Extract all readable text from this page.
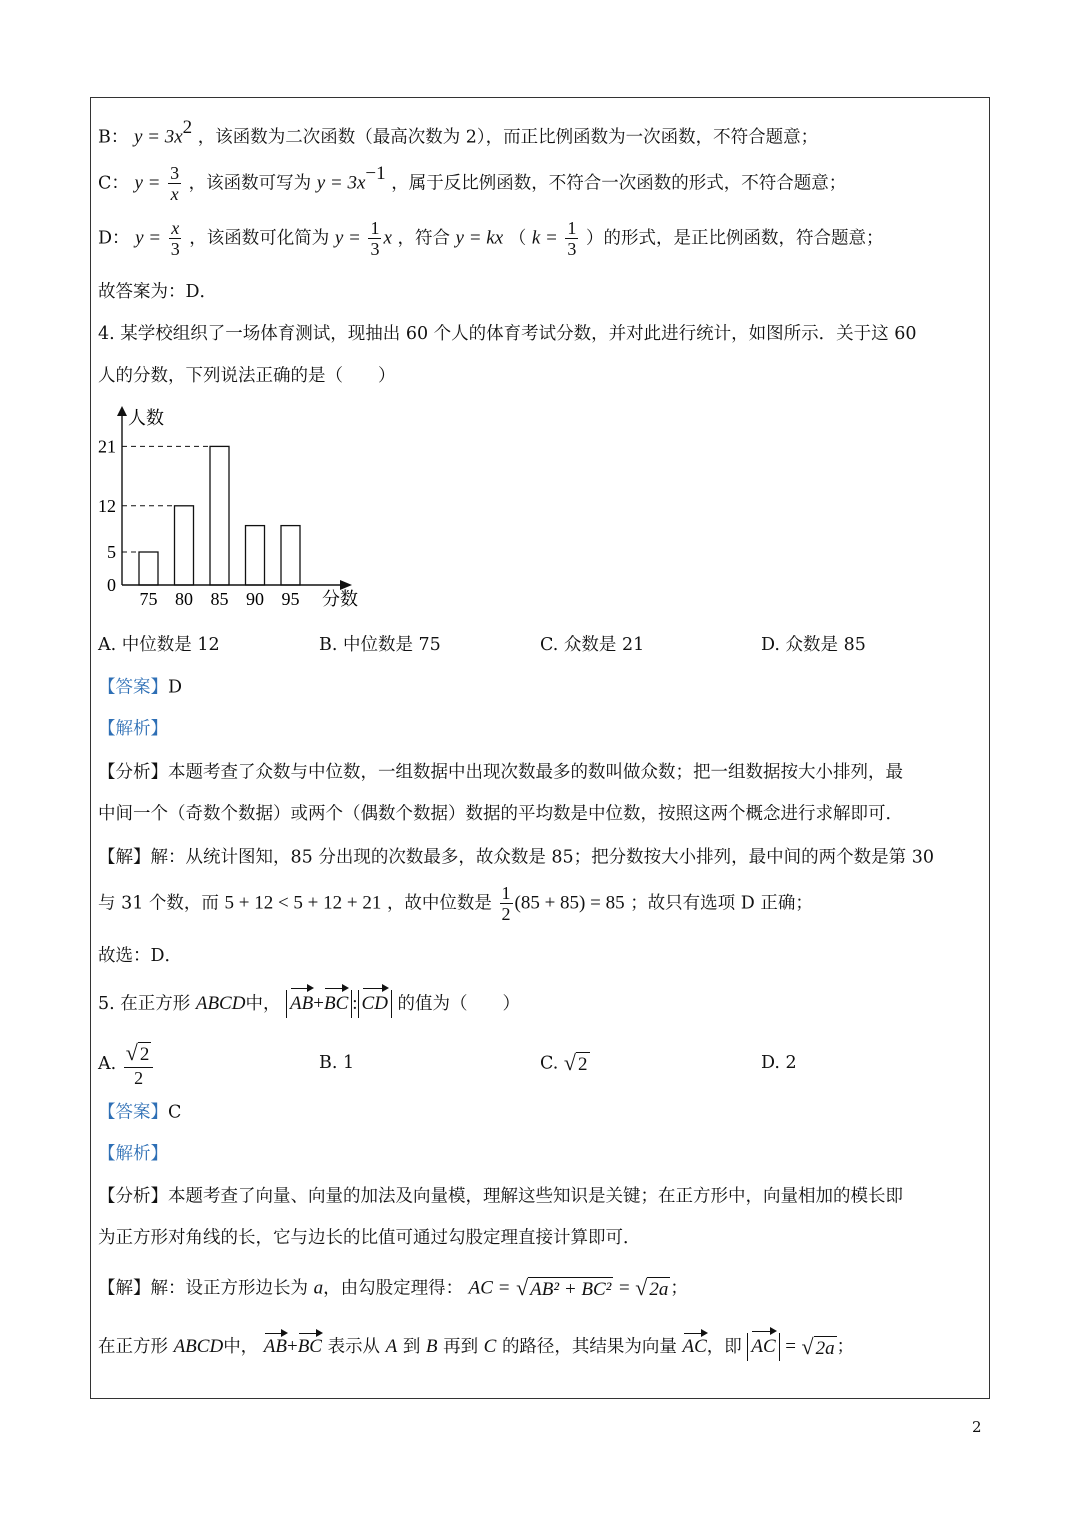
B： $y = 3x^2$ ，该函数为二次函数（最高次数为 2），而正比例函数为一次函数，不符合题意；
C： $y = \frac{3}{x}$ ，该函数可写为 $y = 3x^{-1}$ ，属于反比例函数，不符合一次函数的形式，不符合题意；
D： $y = \frac{x}{3}$ ，该函数可化简为 $y = \frac{1}{3}$ x ，符合 y = kx （ $k = \frac{1}{3}$ ）的形式，是正比例函数，符合题意；
故答案为：D．
4. 某学校组织了一场体育测试，现抽出 60 个人的体育考试分数，并对此进行统计，如图所示．关于这 60
人的分数，下列说法正确的是（　　）
人数
分数
0
5
12
21
75 80 85 90 95
A. 中位数是 12	B. 中位数是 75	C. 众数是 21	D. 众数是 85
【答案】D
【解析】
【分析】本题考查了众数与中位数，一组数据中出现次数最多的数叫做众数；把一组数据按大小排列，最
中间一个（奇数个数据）或两个（偶数个数据）数据的平均数是中位数，按照这两个概念进行求解即可．
【解】解：从统计图知，85 分出现的次数最多，故众数是 85；把分数按大小排列，最中间的两个数是第 30
与 31 个数，而 5 + 12 < 5 + 12 + 21 ，故中位数是 $\frac{1}{2} (85 + 85) = 85$ ；故只有选项 D 正确；
故选：D．
5. 在正方形 ABCD中， AB+BC : CD 的值为（　　）
A. $\frac{√ 2}{2}$	B. 1	C. √ 2	D. 2
【答案】C
【解析】
【分析】本题考查了向量、向量的加法及向量模，理解这些知识是关键；在正方形中，向量相加的模长即
为正方形对角线的长，它与边长的比值可通过勾股定理直接计算即可．
【解】解：设正方形边长为 a，由勾股定理得： AC = √ AB² + BC² = √ 2a ；
在正方形 ABCD中， AB+BC 表示从 A 到 B 再到 C 的路径，其结果为向量 AC，即 AC = √ 2a ；
2
